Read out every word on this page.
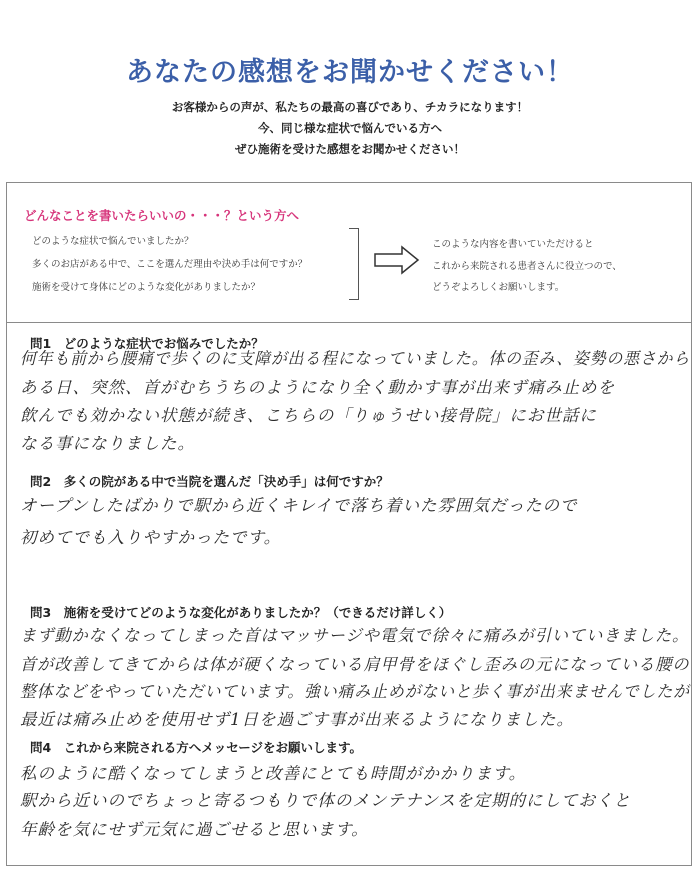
あなたの感想をお聞かせください！
お客様からの声が、私たちの最高の喜びであり、チカラになります！
今、同じ様な症状で悩んでいる方へ
ぜひ施術を受けた感想をお聞かせください！
どんなことを書いたらいいの・・・？という方へ
どのような症状で悩んでいましたか？
多くのお店がある中で、ここを選んだ理由や決め手は何ですか？
施術を受けて身体にどのような変化がありましたか？
このような内容を書いていただけると
これから来院される患者さんに役立つので、
どうぞよろしくお願いします。
問1　どのような症状でお悩みでしたか？
何年も前から腰痛で歩くのに支障が出る程になっていました。体の歪み、姿勢の悪さから
ある日、突然、首がむちうちのようになり全く動かす事が出来ず痛み止めを
飲んでも効かない状態が続き、こちらの「りゅうせい接骨院」にお世話に
なる事になりました。
問2　多くの院がある中で当院を選んだ「決め手」は何ですか？
オープンしたばかりで駅から近くキレイで落ち着いた雰囲気だったので
初めてでも入りやすかったです。
問3　施術を受けてどのような変化がありましたか？（できるだけ詳しく）
まず動かなくなってしまった首はマッサージや電気で徐々に痛みが引いていきました。
首が改善してきてからは体が硬くなっている肩甲骨をほぐし歪みの元になっている腰の
整体などをやっていただいています。強い痛み止めがないと歩く事が出来ませんでしたが
最近は痛み止めを使用せず1日を過ごす事が出来るようになりました。
問4　これから来院される方へメッセージをお願いします。
私のように酷くなってしまうと改善にとても時間がかかります。
駅から近いのでちょっと寄るつもりで体のメンテナンスを定期的にしておくと
年齢を気にせず元気に過ごせると思います。
